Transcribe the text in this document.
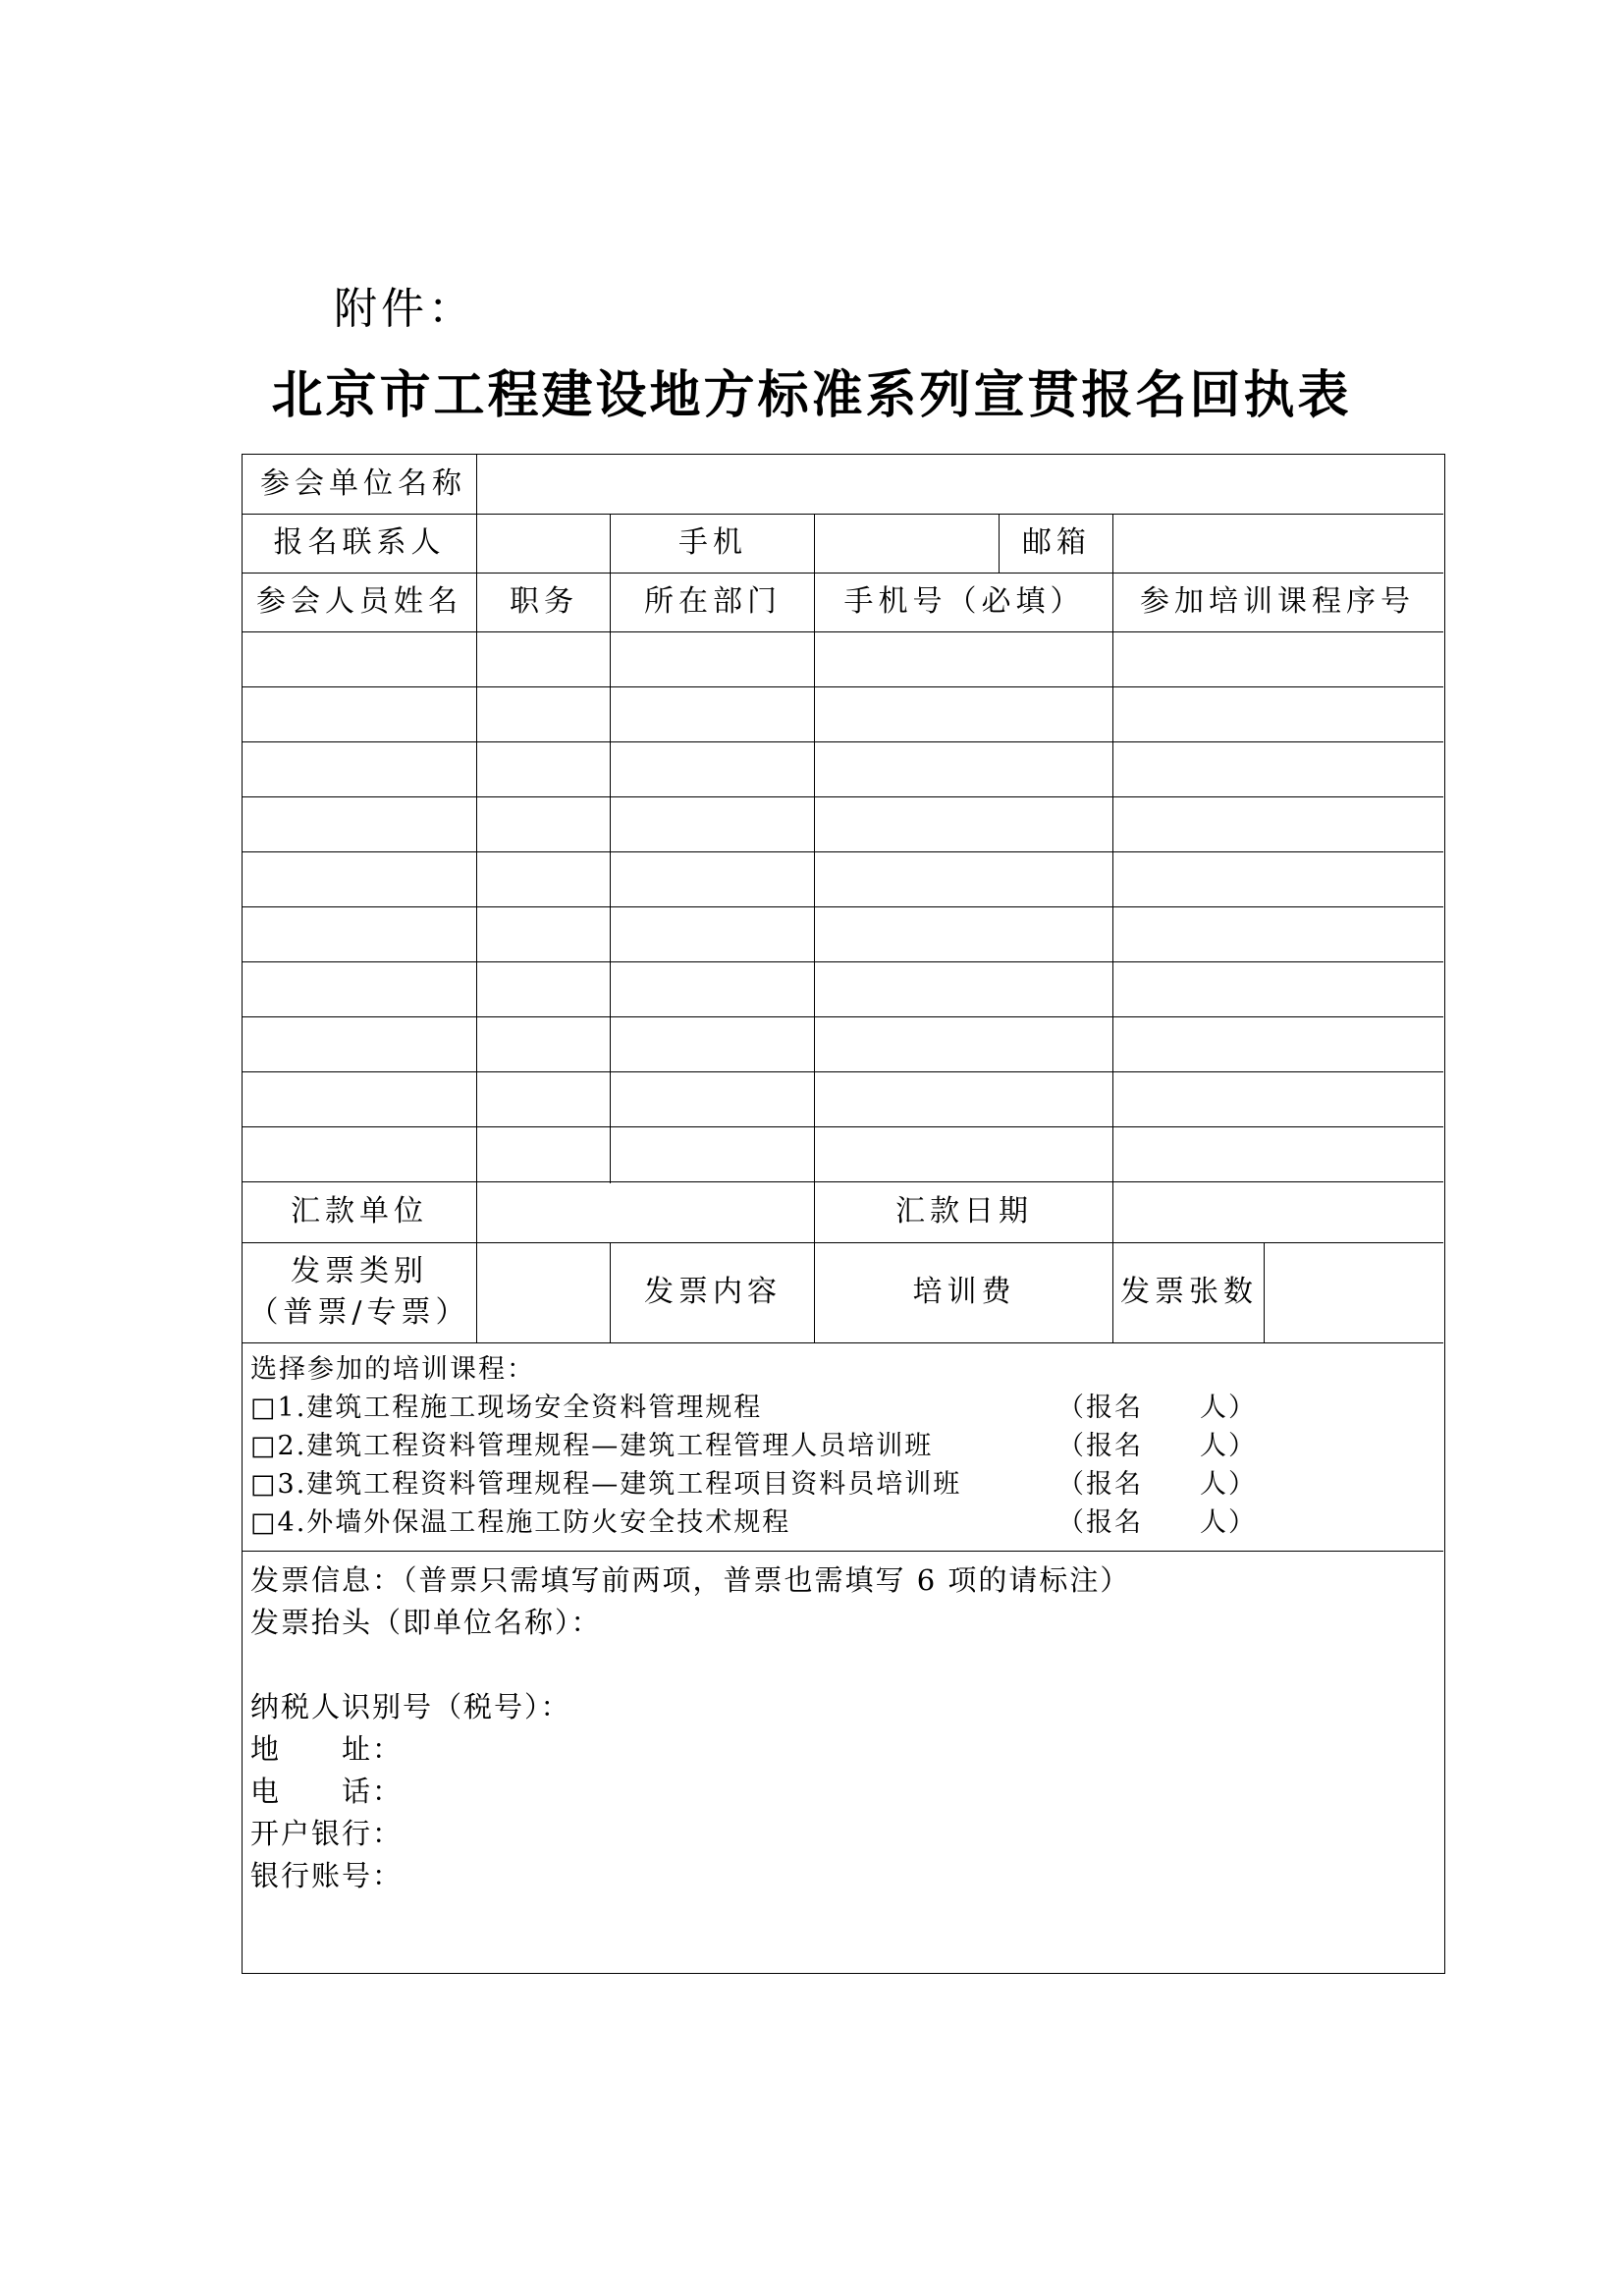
附件：
北京市工程建设地方标准系列宣贯报名回执表
参会单位名称
报名联系人	手机	邮箱
参会人员姓名	职务	所在部门	手机号（必填）	参加培训课程序号
汇款单位	汇款日期
发票类别
（普票/专票）
发票内容	培训费	发票张数
选择参加的培训课程：
□1.建筑工程施工现场安全资料管理规程	（报名　　人）
□2.建筑工程资料管理规程—建筑工程管理人员培训班	（报名　　人）
□3.建筑工程资料管理规程—建筑工程项目资料员培训班	（报名　　人）
□4.外墙外保温工程施工防火安全技术规程	（报名　　人）
发票信息：（普票只需填写前两项，普票也需填写 6 项的请标注）
发票抬头（即单位名称）：
纳税人识别号（税号）：
地　　址：
电　　话：
开户银行：
银行账号：
